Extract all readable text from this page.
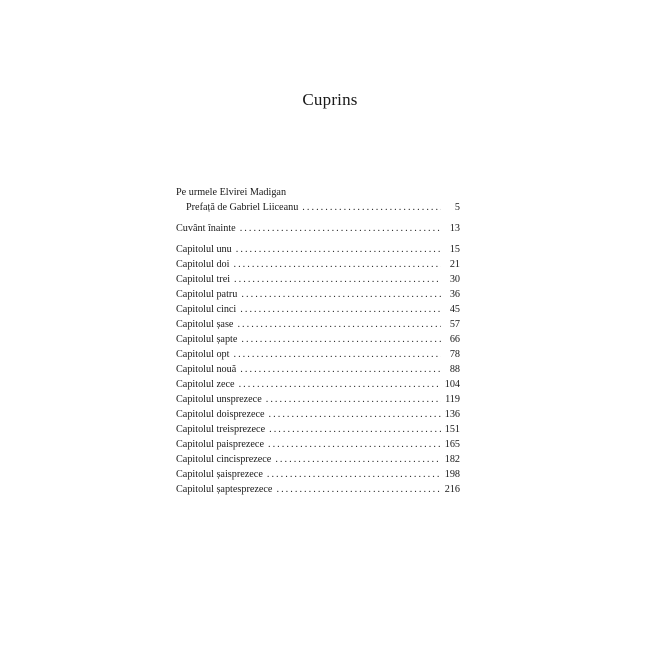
Cuprins
Pe urmele Elvirei Madigan
Prefață de Gabriel Liiceanu . . .	5
Cuvânt înainte . . .	13
Capitolul unu . . .	15
Capitolul doi . . .	21
Capitolul trei . . .	30
Capitolul patru . . .	36
Capitolul cinci . . .	45
Capitolul șase . . .	57
Capitolul șapte . . .	66
Capitolul opt . . .	78
Capitolul nouă . . .	88
Capitolul zece . . .	104
Capitolul unsprezece . . .	119
Capitolul doisprezece . . .	136
Capitolul treisprezece . . .	151
Capitolul paisprezece . . .	165
Capitolul cincisprezece . . .	182
Capitolul șaisprezece . . .	198
Capitolul șaptesprezece . . .	216
